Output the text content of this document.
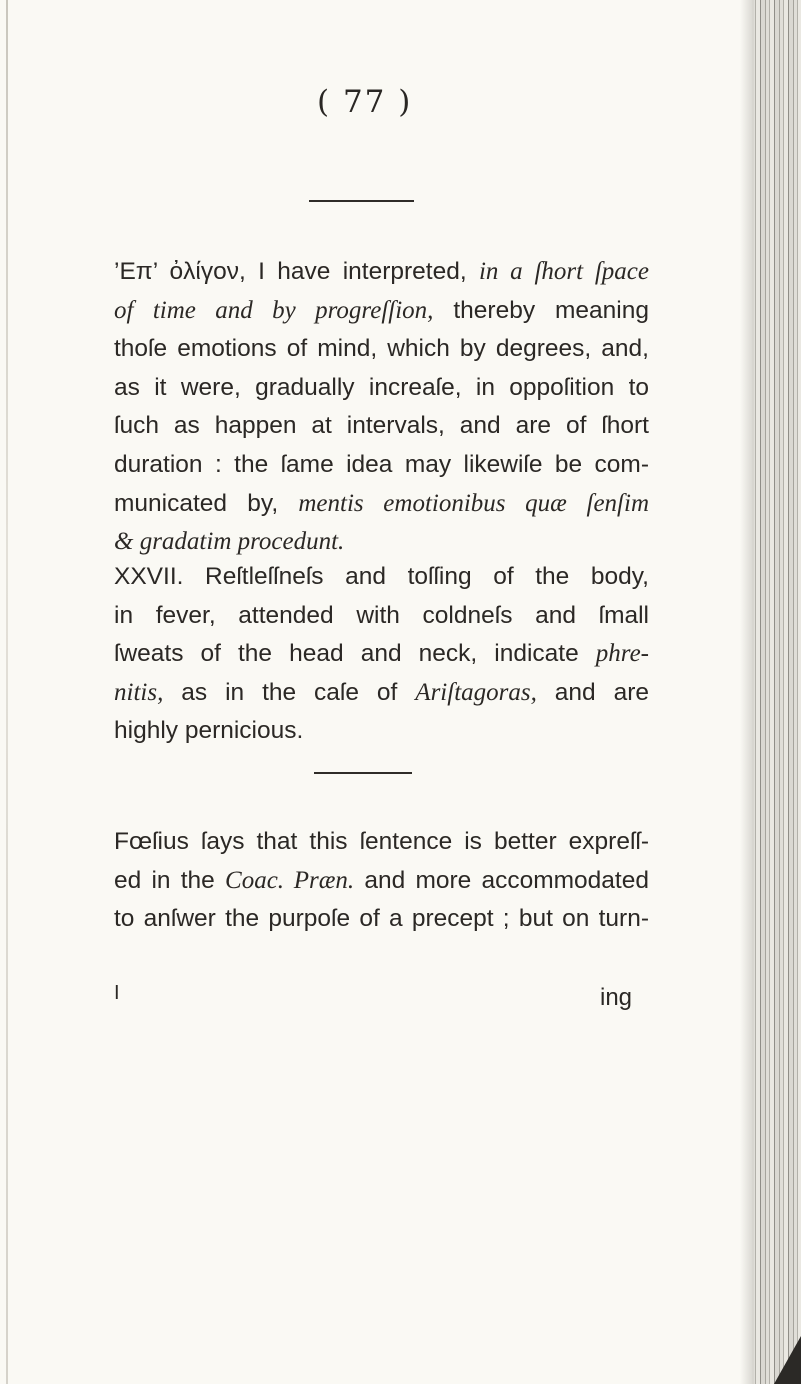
( 77 )
’Επ’ ὀλίγον, I have interpreted, in a ſhort ſpace
of time and by progreſſion, thereby meaning
thoſe emotions of mind, which by degrees, and,
as it were, gradually increaſe, in oppoſition to
ſuch as happen at intervals, and are of ſhort
duration : the ſame idea may likewiſe be com-
municated by, mentis emotionibus quæ ſenſim
& gradatim procedunt.
XXVII. Reſtleſſneſs and toſſing of the body,
in fever, attended with coldneſs and ſmall
ſweats of the head and neck, indicate phre-
nitis, as in the caſe of Ariſtagoras, and are
highly pernicious.
Fœſius ſays that this ſentence is better expreſſ-
ed in the Coac. Præn. and more accommodated
to anſwer the purpoſe of a precept ; but on turn-
I	ing
